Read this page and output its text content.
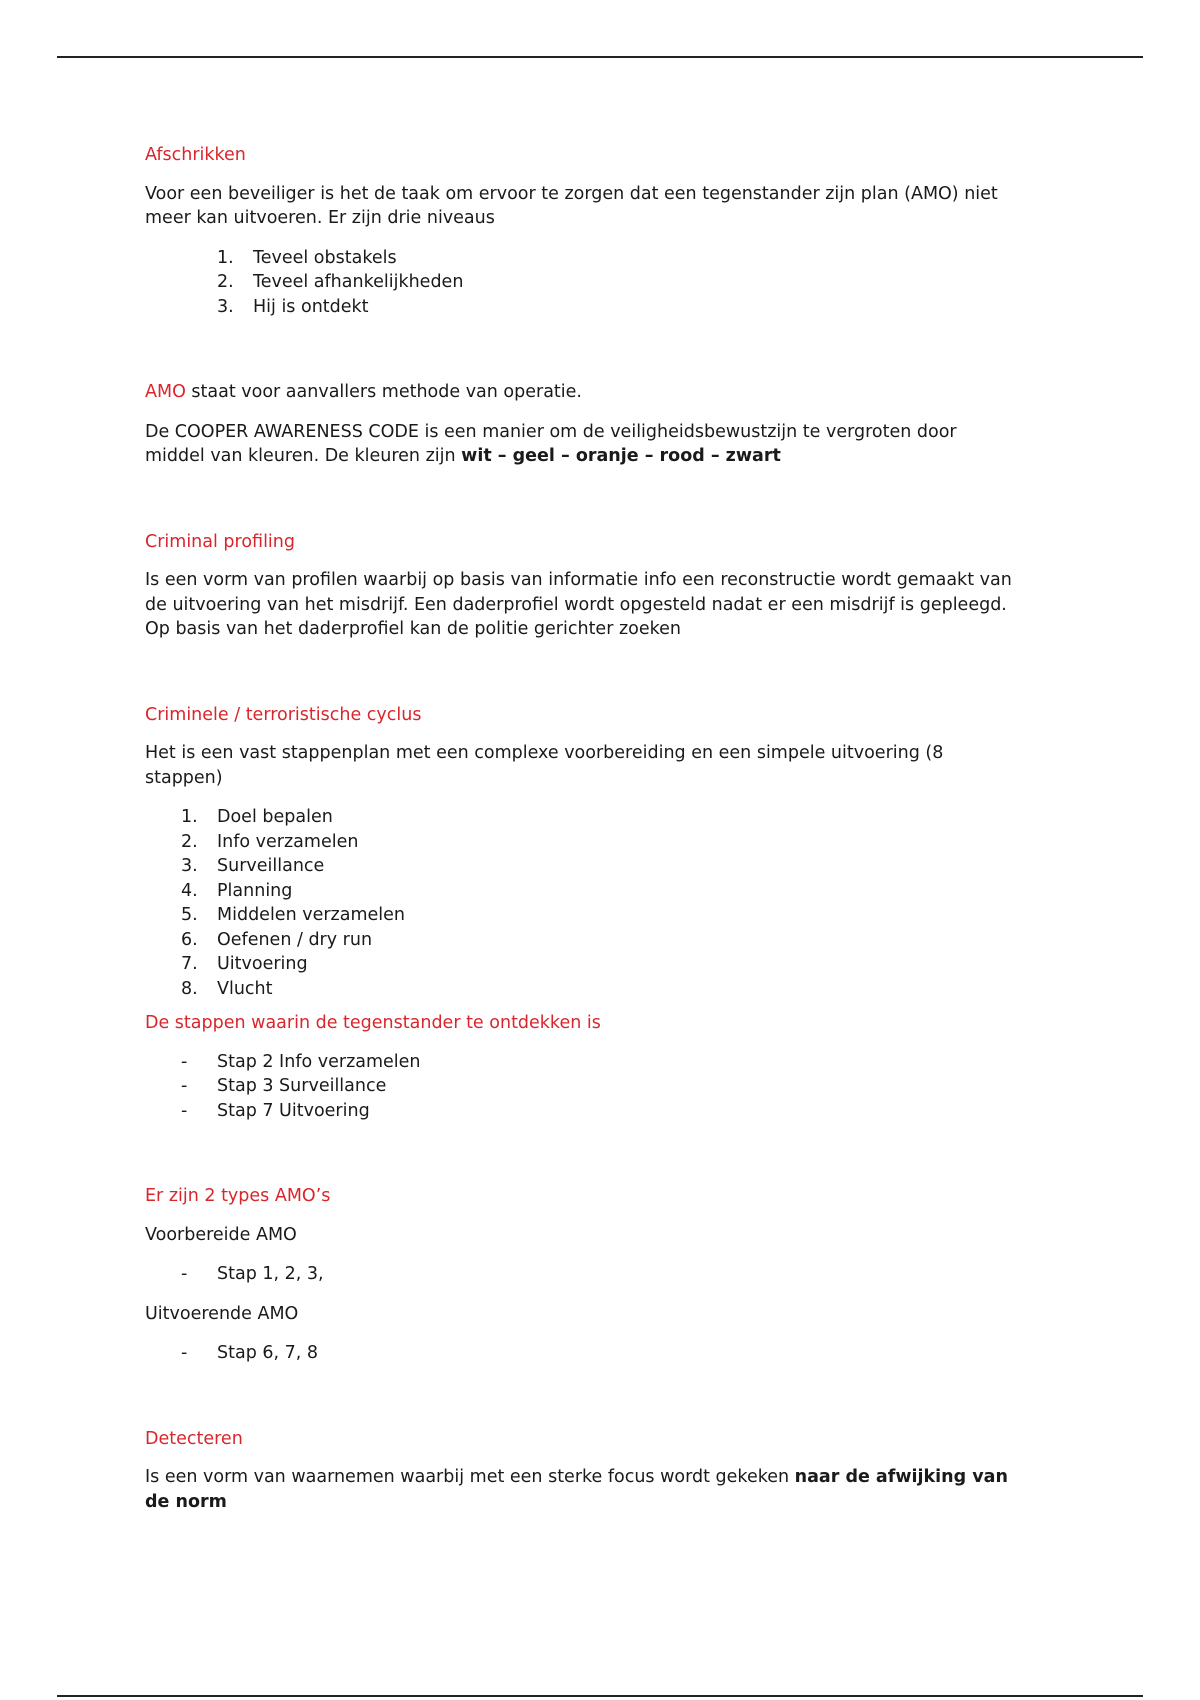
Afschrikken
Voor een beveiliger is het de taak om ervoor te zorgen dat een tegenstander zijn plan (AMO) niet
meer kan uitvoeren. Er zijn drie niveaus
1.	Teveel obstakels
2.	Teveel afhankelijkheden
3.	Hij is ontdekt
AMO staat voor aanvallers methode van operatie.
De COOPER AWARENESS CODE is een manier om de veiligheidsbewustzijn te vergroten door
middel van kleuren. De kleuren zijn wit – geel – oranje – rood – zwart
Criminal profiling
Is een vorm van profilen waarbij op basis van informatie info een reconstructie wordt gemaakt van
de uitvoering van het misdrijf. Een daderprofiel wordt opgesteld nadat er een misdrijf is gepleegd.
Op basis van het daderprofiel kan de politie gerichter zoeken
Criminele / terroristische cyclus
Het is een vast stappenplan met een complexe voorbereiding en een simpele uitvoering (8
stappen)
1.	Doel bepalen
2.	Info verzamelen
3.	Surveillance
4.	Planning
5.	Middelen verzamelen
6.	Oefenen / dry run
7.	Uitvoering
8.	Vlucht
De stappen waarin de tegenstander te ontdekken is
-	Stap 2 Info verzamelen
-	Stap 3 Surveillance
-	Stap 7 Uitvoering
Er zijn 2 types AMO’s
Voorbereide AMO
-	Stap 1, 2, 3,
Uitvoerende AMO
-	Stap 6, 7, 8
Detecteren
Is een vorm van waarnemen waarbij met een sterke focus wordt gekeken naar de afwijking van
de norm
